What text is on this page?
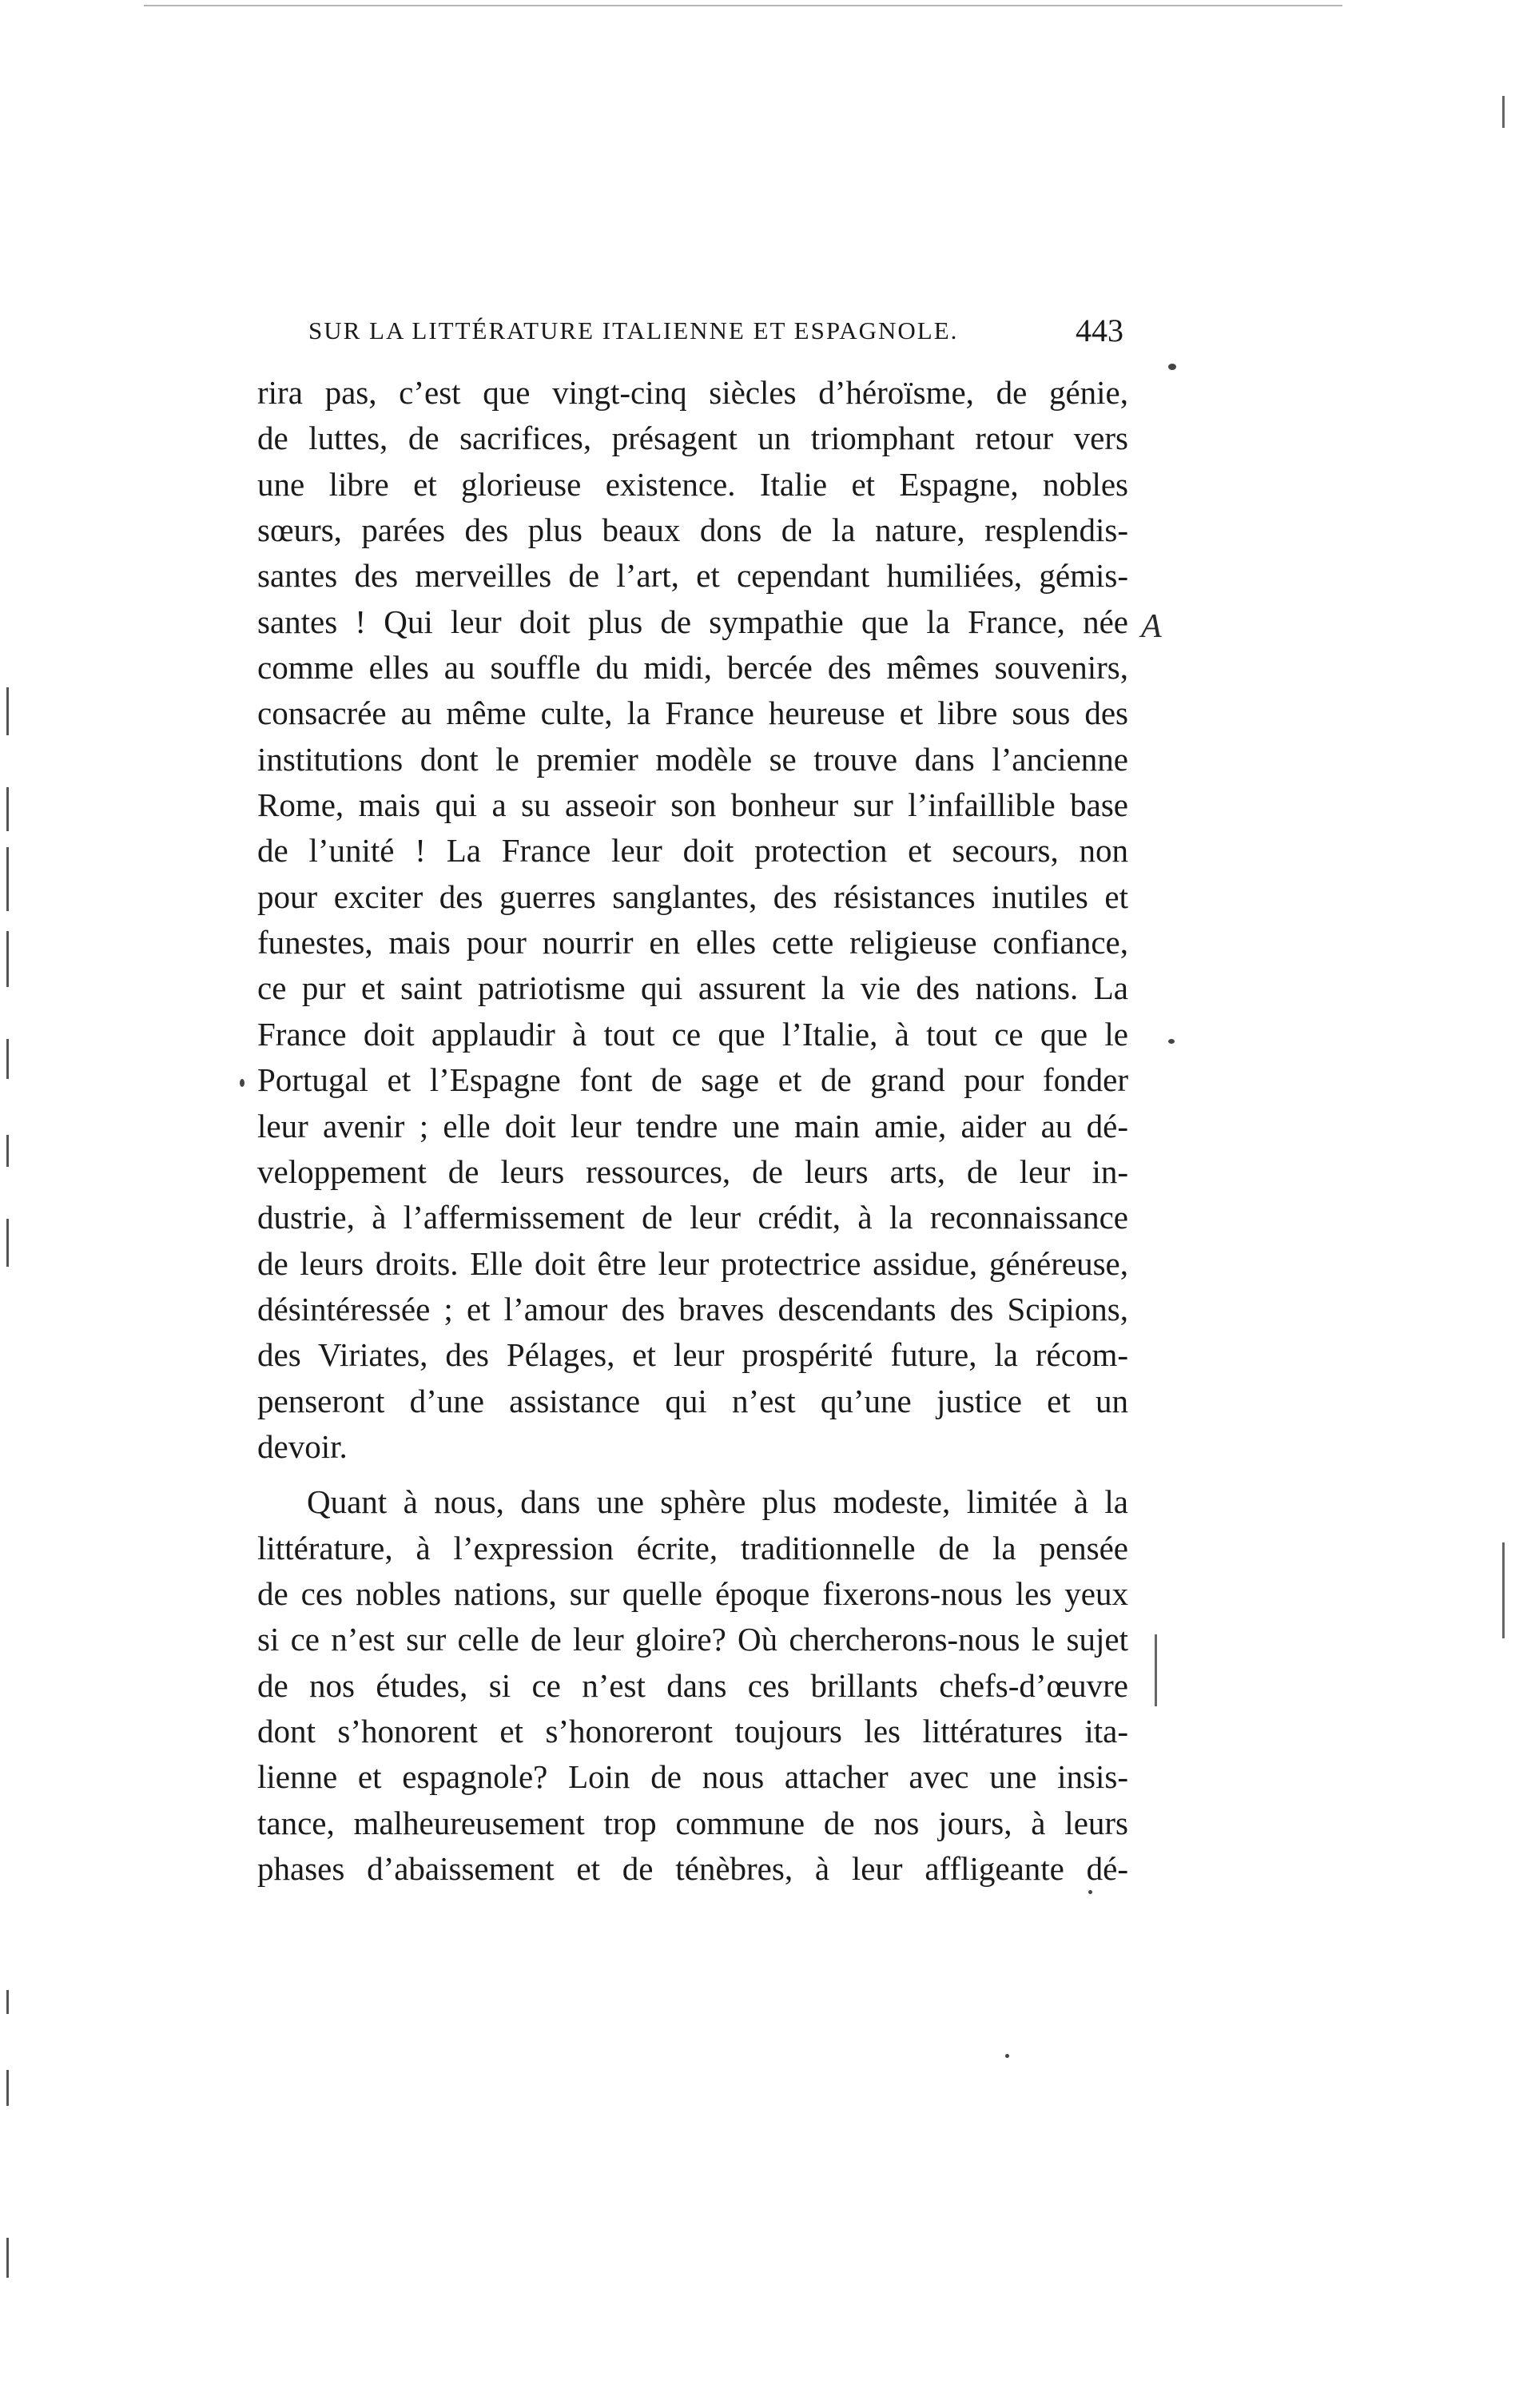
SUR LA LITTÉRATURE ITALIENNE ET ESPAGNOLE.	443
A

rira pas, c’est que vingt-cinq siècles d’héroïsme, de génie,
de luttes, de sacrifices, présagent un triomphant retour vers
une libre et glorieuse existence. Italie et Espagne, nobles
sœurs, parées des plus beaux dons de la nature, resplendis-
santes des merveilles de l’art, et cependant humiliées, gémis-
santes ! Qui leur doit plus de sympathie que la France, née
comme elles au souffle du midi, bercée des mêmes souvenirs,
consacrée au même culte, la France heureuse et libre sous des
institutions dont le premier modèle se trouve dans l’ancienne
Rome, mais qui a su asseoir son bonheur sur l’infaillible base
de l’unité ! La France leur doit protection et secours, non
pour exciter des guerres sanglantes, des résistances inutiles et
funestes, mais pour nourrir en elles cette religieuse confiance,
ce pur et saint patriotisme qui assurent la vie des nations. La
France doit applaudir à tout ce que l’Italie, à tout ce que le
Portugal et l’Espagne font de sage et de grand pour fonder
leur avenir ; elle doit leur tendre une main amie, aider au dé-
veloppement de leurs ressources, de leurs arts, de leur in-
dustrie, à l’affermissement de leur crédit, à la reconnaissance
de leurs droits. Elle doit être leur protectrice assidue, généreuse,
désintéressée ; et l’amour des braves descendants des Scipions,
des Viriates, des Pélages, et leur prospérité future, la récom-
penseront d’une assistance qui n’est qu’une justice et un
devoir.

Quant à nous, dans une sphère plus modeste, limitée à la
littérature, à l’expression écrite, traditionnelle de la pensée
de ces nobles nations, sur quelle époque fixerons-nous les yeux
si ce n’est sur celle de leur gloire? Où chercherons-nous le sujet
de nos études, si ce n’est dans ces brillants chefs-d’œuvre
dont s’honorent et s’honoreront toujours les littératures ita-
lienne et espagnole? Loin de nous attacher avec une insis-
tance, malheureusement trop commune de nos jours, à leurs
phases d’abaissement et de ténèbres, à leur affligeante dé-
